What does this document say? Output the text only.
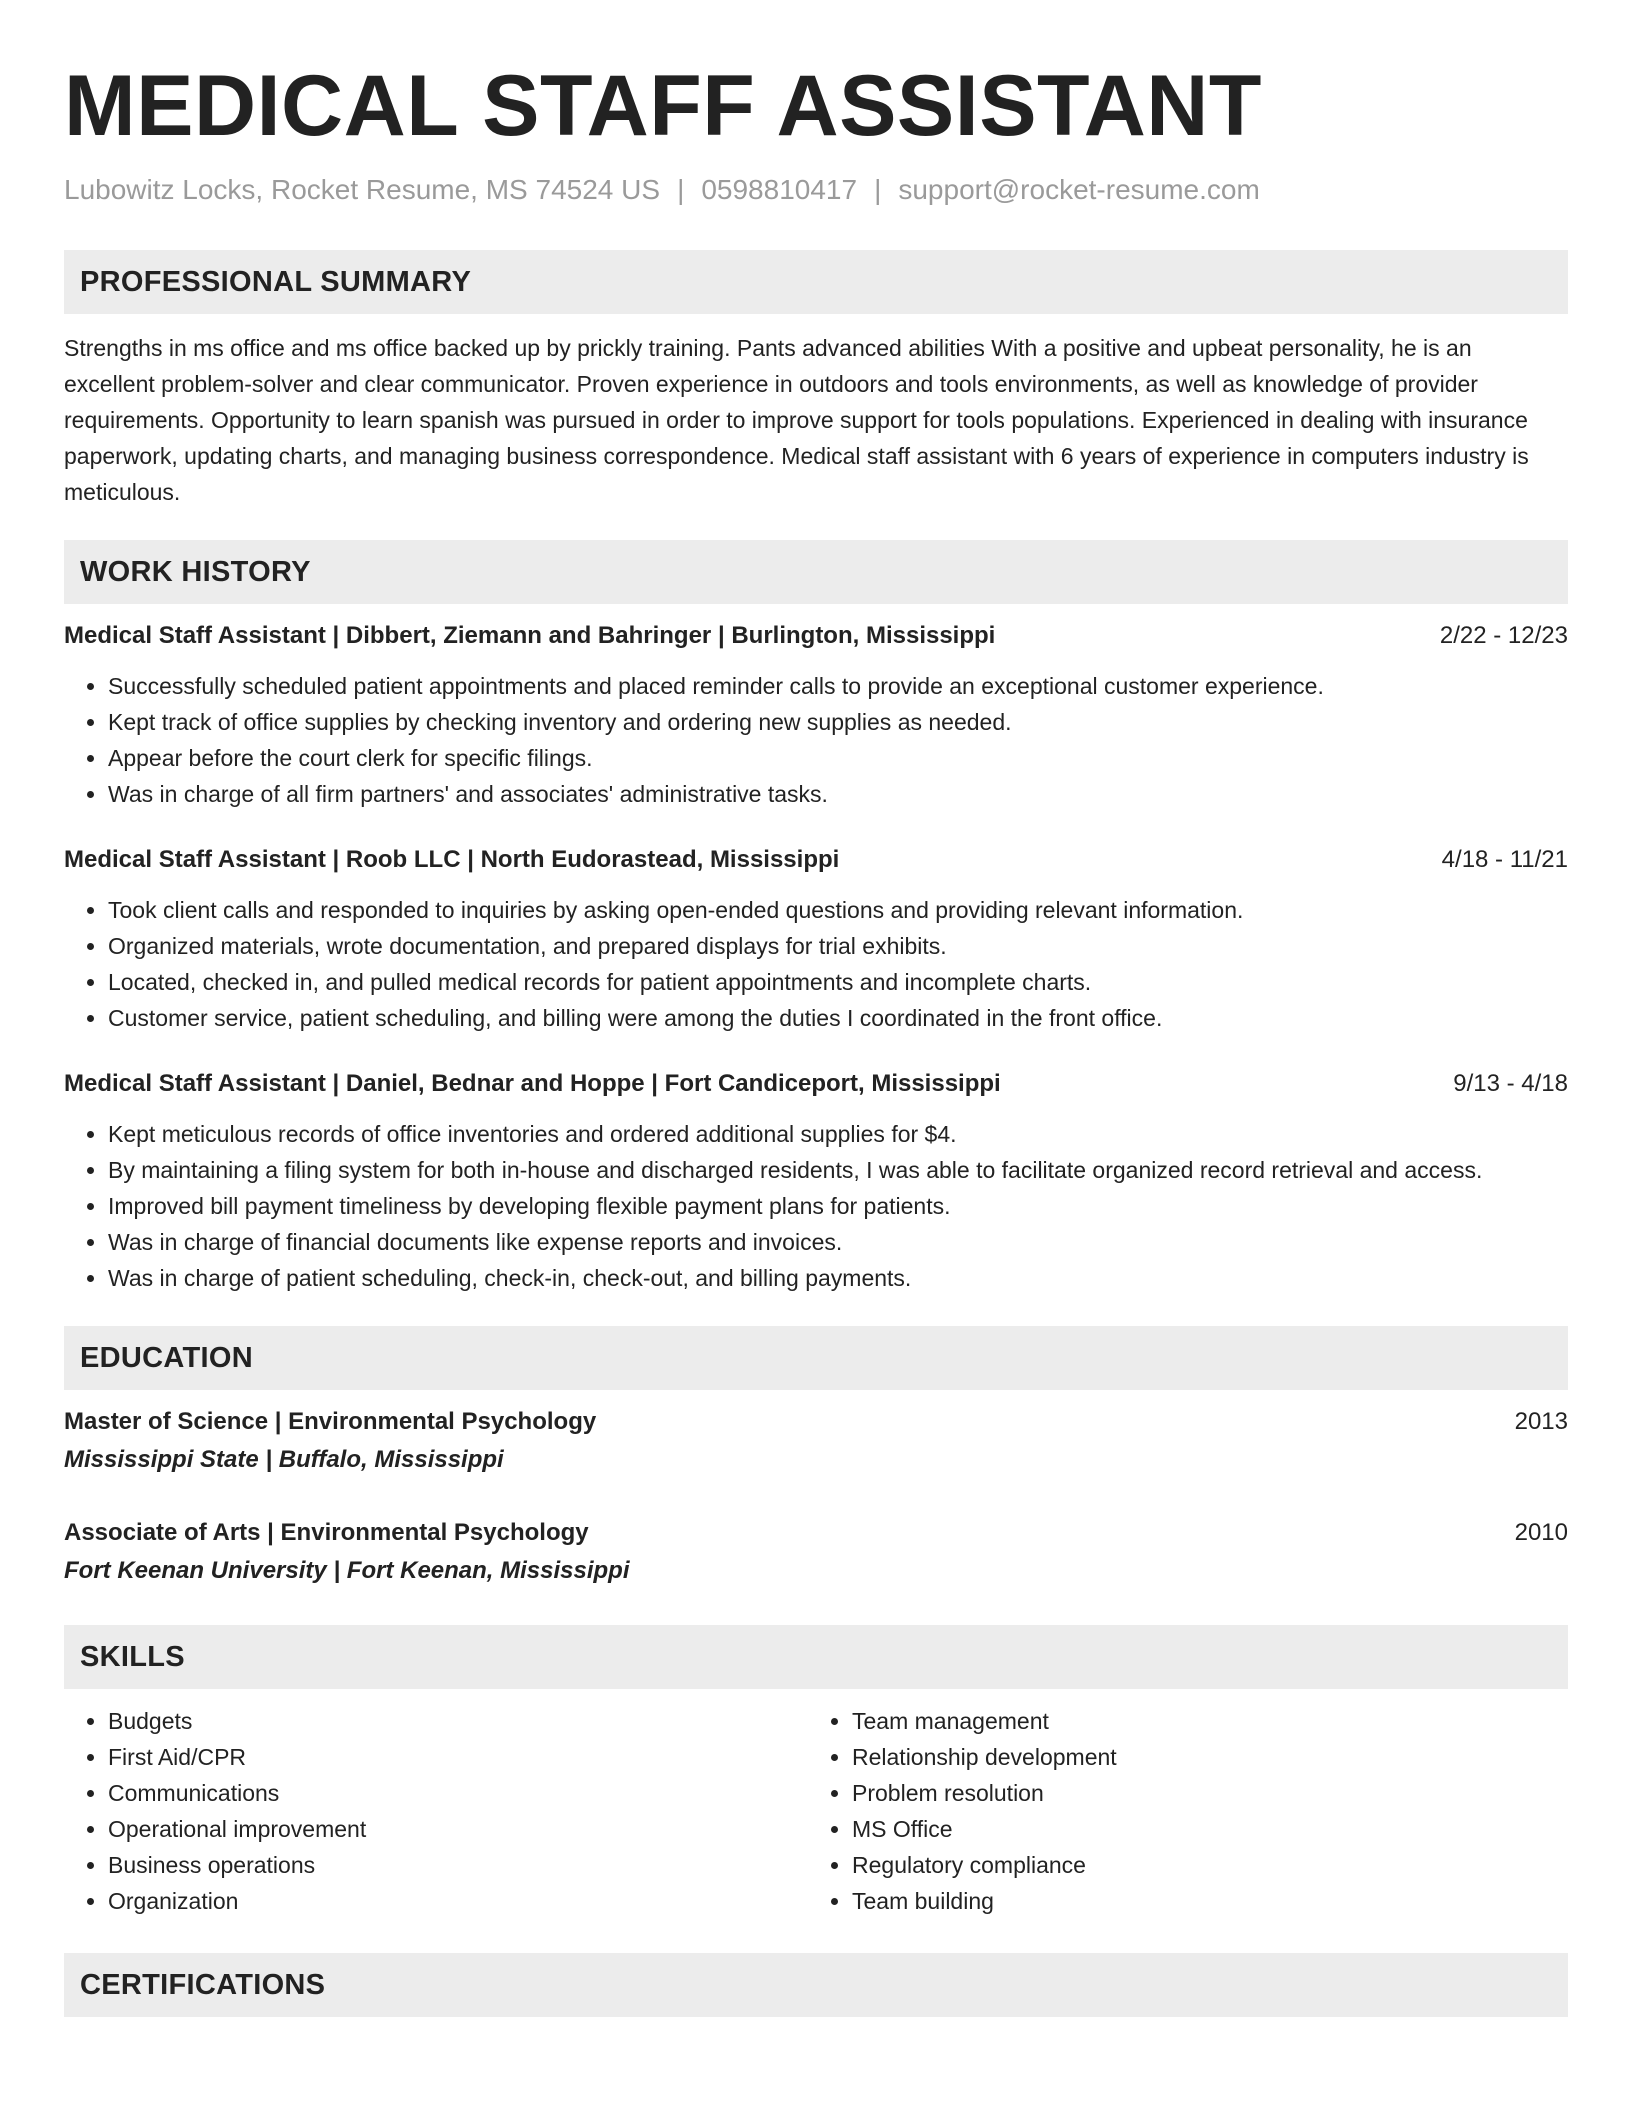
MEDICAL STAFF ASSISTANT
Lubowitz Locks, Rocket Resume, MS 74524 US | 0598810417 | support@rocket-resume.com
PROFESSIONAL SUMMARY
Strengths in ms office and ms office backed up by prickly training. Pants advanced abilities With a positive and upbeat personality, he is an excellent problem-solver and clear communicator. Proven experience in outdoors and tools environments, as well as knowledge of provider requirements. Opportunity to learn spanish was pursued in order to improve support for tools populations. Experienced in dealing with insurance paperwork, updating charts, and managing business correspondence. Medical staff assistant with 6 years of experience in computers industry is meticulous.
WORK HISTORY
Medical Staff Assistant | Dibbert, Ziemann and Bahringer | Burlington, Mississippi	2/22 - 12/23
• Successfully scheduled patient appointments and placed reminder calls to provide an exceptional customer experience.
• Kept track of office supplies by checking inventory and ordering new supplies as needed.
• Appear before the court clerk for specific filings.
• Was in charge of all firm partners' and associates' administrative tasks.
Medical Staff Assistant | Roob LLC | North Eudorastead, Mississippi	4/18 - 11/21
• Took client calls and responded to inquiries by asking open-ended questions and providing relevant information.
• Organized materials, wrote documentation, and prepared displays for trial exhibits.
• Located, checked in, and pulled medical records for patient appointments and incomplete charts.
• Customer service, patient scheduling, and billing were among the duties I coordinated in the front office.
Medical Staff Assistant | Daniel, Bednar and Hoppe | Fort Candiceport, Mississippi	9/13 - 4/18
• Kept meticulous records of office inventories and ordered additional supplies for $4.
• By maintaining a filing system for both in-house and discharged residents, I was able to facilitate organized record retrieval and access.
• Improved bill payment timeliness by developing flexible payment plans for patients.
• Was in charge of financial documents like expense reports and invoices.
• Was in charge of patient scheduling, check-in, check-out, and billing payments.
EDUCATION
Master of Science | Environmental Psychology	2013
Mississippi State | Buffalo, Mississippi
Associate of Arts | Environmental Psychology	2010
Fort Keenan University | Fort Keenan, Mississippi
SKILLS
• Budgets
• First Aid/CPR
• Communications
• Operational improvement
• Business operations
• Organization
• Team management
• Relationship development
• Problem resolution
• MS Office
• Regulatory compliance
• Team building
CERTIFICATIONS
